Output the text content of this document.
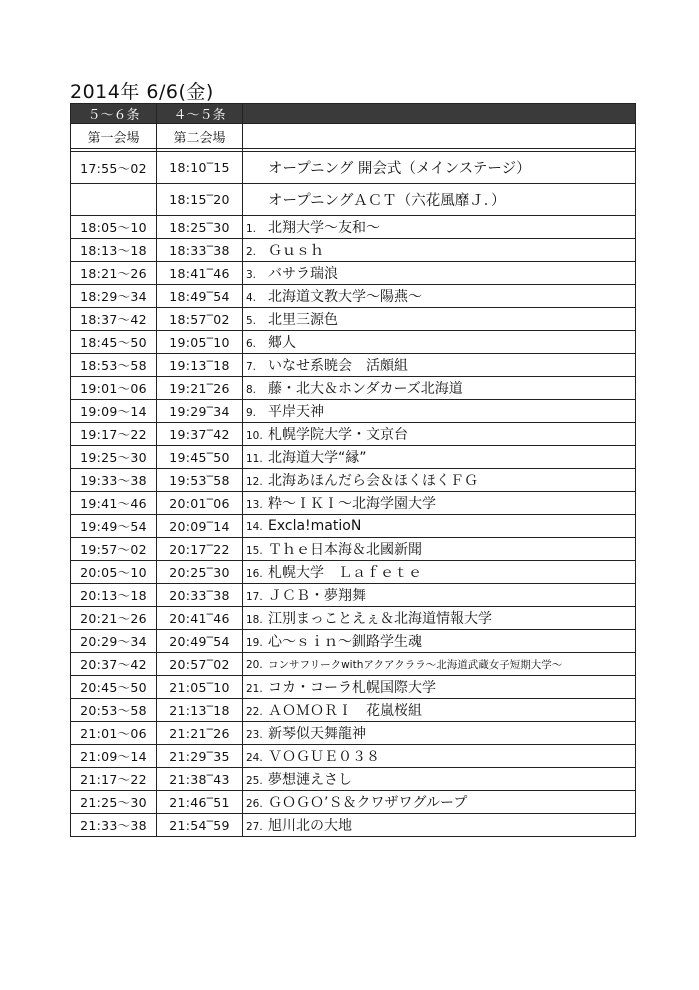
2014年 6/6(金)
５～６条	４～５条	
第一会場	第二会場	

17:55～02	18:10‾15	オープニング 開会式（メインステージ）
	18:15‾20	オープニングＡＣＴ（六花風靡Ｊ．）
18:05～10	18:25‾30	1. 北翔大学～友和～
18:13～18	18:33‾38	2. Ｇｕｓｈ
18:21～26	18:41‾46	3. バサラ瑞浪
18:29～34	18:49‾54	4. 北海道文教大学～陽燕～
18:37～42	18:57‾02	5. 北里三源色
18:45～50	19:05‾10	6. 郷人
18:53～58	19:13‾18	7. いなせ系暁会　活頗組
19:01～06	19:21‾26	8. 藤・北大＆ホンダカーズ北海道
19:09～14	19:29‾34	9. 平岸天神
19:17～22	19:37‾42	10. 札幌学院大学・文京台
19:25～30	19:45‾50	11. 北海道大学“縁”
19:33～38	19:53‾58	12. 北海あほんだら会＆ほくほくＦＧ
19:41～46	20:01‾06	13. 粋～ＩＫＩ～北海学園大学
19:49～54	20:09‾14	14. Excla!matioN
19:57～02	20:17‾22	15. Ｔｈｅ日本海＆北國新聞
20:05～10	20:25‾30	16. 札幌大学　Ｌａｆｅｔｅ
20:13～18	20:33‾38	17. ＪＣＢ・夢翔舞
20:21～26	20:41‾46	18. 江別まっことえぇ＆北海道情報大学
20:29～34	20:49‾54	19. 心～ｓｉｎ～釧路学生魂
20:37～42	20:57‾02	20. コンサフリークwithアクアクララ～北海道武蔵女子短期大学～
20:45～50	21:05‾10	21. コカ・コーラ札幌国際大学
20:53～58	21:13‾18	22. ＡＯＭＯＲＩ　花嵐桜組
21:01～06	21:21‾26	23. 新琴似天舞龍神
21:09～14	21:29‾35	24. ＶＯＧＵＥ０３８
21:17～22	21:38‾43	25. 夢想漣えさし
21:25～30	21:46‾51	26. ＧＯＧＯ’Ｓ＆クワザワグループ
21:33～38	21:54‾59	27. 旭川北の大地
